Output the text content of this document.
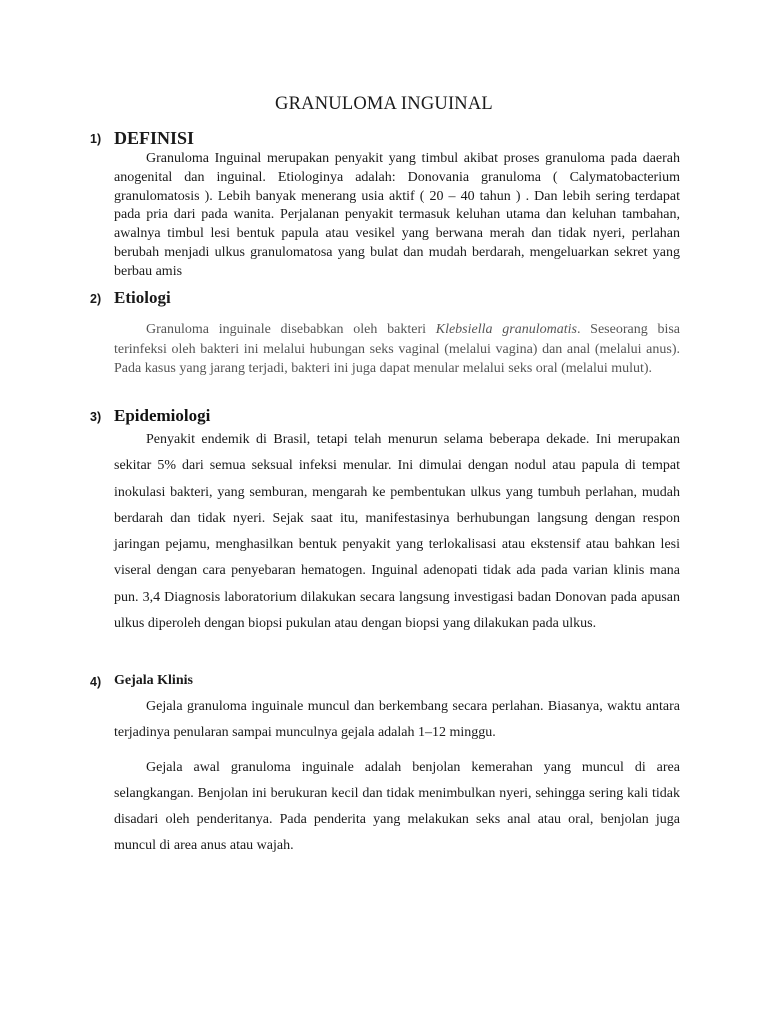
GRANULOMA INGUINAL
1) DEFINISI

Granuloma Inguinal merupakan penyakit yang timbul akibat proses granuloma pada daerah anogenital dan inguinal. Etiologinya adalah: Donovania granuloma ( Calymatobacterium granulomatosis ). Lebih banyak menerang usia aktif ( 20 – 40 tahun ) . Dan lebih sering terdapat pada pria dari pada wanita. Perjalanan penyakit termasuk keluhan utama dan keluhan tambahan, awalnya timbul lesi bentuk papula atau vesikel yang berwana merah dan tidak nyeri, perlahan berubah menjadi ulkus granulomatosa yang bulat dan mudah berdarah, mengeluarkan sekret yang berbau amis

2) Etiologi

Granuloma inguinale disebabkan oleh bakteri Klebsiella granulomatis. Seseorang bisa terinfeksi oleh bakteri ini melalui hubungan seks vaginal (melalui vagina) dan anal (melalui anus). Pada kasus yang jarang terjadi, bakteri ini juga dapat menular melalui seks oral (melalui mulut).

3) Epidemiologi

Penyakit endemik di Brasil, tetapi telah menurun selama beberapa dekade. Ini merupakan sekitar 5% dari semua seksual infeksi menular. Ini dimulai dengan nodul atau papula di tempat inokulasi bakteri, yang semburan, mengarah ke pembentukan ulkus yang tumbuh perlahan, mudah berdarah dan tidak nyeri. Sejak saat itu, manifestasinya berhubungan langsung dengan respon jaringan pejamu, menghasilkan bentuk penyakit yang terlokalisasi atau ekstensif atau bahkan lesi viseral dengan cara penyebaran hematogen. Inguinal adenopati tidak ada pada varian klinis mana pun. 3,4 Diagnosis laboratorium dilakukan secara langsung investigasi badan Donovan pada apusan ulkus diperoleh dengan biopsi pukulan atau dengan biopsi yang dilakukan pada ulkus.

4) Gejala Klinis

Gejala granuloma inguinale muncul dan berkembang secara perlahan. Biasanya, waktu antara terjadinya penularan sampai munculnya gejala adalah 1–12 minggu.

Gejala awal granuloma inguinale adalah benjolan kemerahan yang muncul di area selangkangan. Benjolan ini berukuran kecil dan tidak menimbulkan nyeri, sehingga sering kali tidak disadari oleh penderitanya. Pada penderita yang melakukan seks anal atau oral, benjolan juga muncul di area anus atau wajah.
